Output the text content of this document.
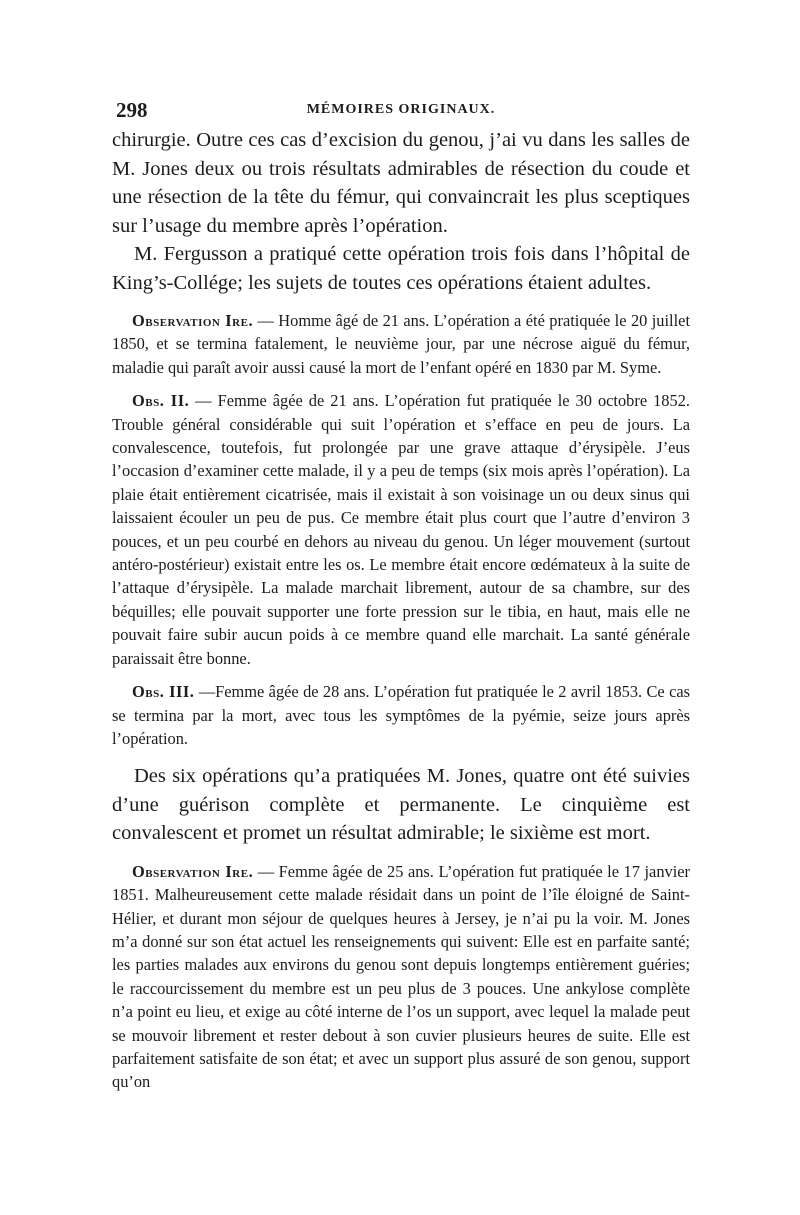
298	MÉMOIRES ORIGINAUX.

chirurgie. Outre ces cas d’excision du genou, j’ai vu dans les salles de M. Jones deux ou trois résultats admirables de résection du coude et une résection de la tête du fémur, qui convaincrait les plus sceptiques sur l’usage du membre après l’opération.

M. Fergusson a pratiqué cette opération trois fois dans l’hôpital de King’s-Collége; les sujets de toutes ces opérations étaient adultes.

Observation Ire. — Homme âgé de 21 ans. L’opération a été pratiquée le 20 juillet 1850, et se termina fatalement, le neuvième jour, par une nécrose aiguë du fémur, maladie qui paraît avoir aussi causé la mort de l’enfant opéré en 1830 par M. Syme.

Obs. II. — Femme âgée de 21 ans. L’opération fut pratiquée le 30 octobre 1852. Trouble général considérable qui suit l’opération et s’efface en peu de jours. La convalescence, toutefois, fut prolongée par une grave attaque d’érysipèle. J’eus l’occasion d’examiner cette malade, il y a peu de temps (six mois après l’opération). La plaie était entièrement cicatrisée, mais il existait à son voisinage un ou deux sinus qui laissaient écouler un peu de pus. Ce membre était plus court que l’autre d’environ 3 pouces, et un peu courbé en dehors au niveau du genou. Un léger mouvement (surtout antéro-postérieur) existait entre les os. Le membre était encore œdémateux à la suite de l’attaque d’érysipèle. La malade marchait librement, autour de sa chambre, sur des béquilles; elle pouvait supporter une forte pression sur le tibia, en haut, mais elle ne pouvait faire subir aucun poids à ce membre quand elle marchait. La santé générale paraissait être bonne.

Obs. III. —Femme âgée de 28 ans. L’opération fut pratiquée le 2 avril 1853. Ce cas se termina par la mort, avec tous les symptômes de la pyémie, seize jours après l’opération.

Des six opérations qu’a pratiquées M. Jones, quatre ont été suivies d’une guérison complète et permanente. Le cinquième est convalescent et promet un résultat admirable; le sixième est mort.

Observation Ire. — Femme âgée de 25 ans. L’opération fut pratiquée le 17 janvier 1851. Malheureusement cette malade résidait dans un point de l’île éloigné de Saint-Hélier, et durant mon séjour de quelques heures à Jersey, je n’ai pu la voir. M. Jones m’a donné sur son état actuel les renseignements qui suivent: Elle est en parfaite santé; les parties malades aux environs du genou sont depuis longtemps entièrement guéries; le raccourcissement du membre est un peu plus de 3 pouces. Une ankylose complète n’a point eu lieu, et exige au côté interne de l’os un support, avec lequel la malade peut se mouvoir librement et rester debout à son cuvier plusieurs heures de suite. Elle est parfaitement satisfaite de son état; et avec un support plus assuré de son genou, support qu’on
